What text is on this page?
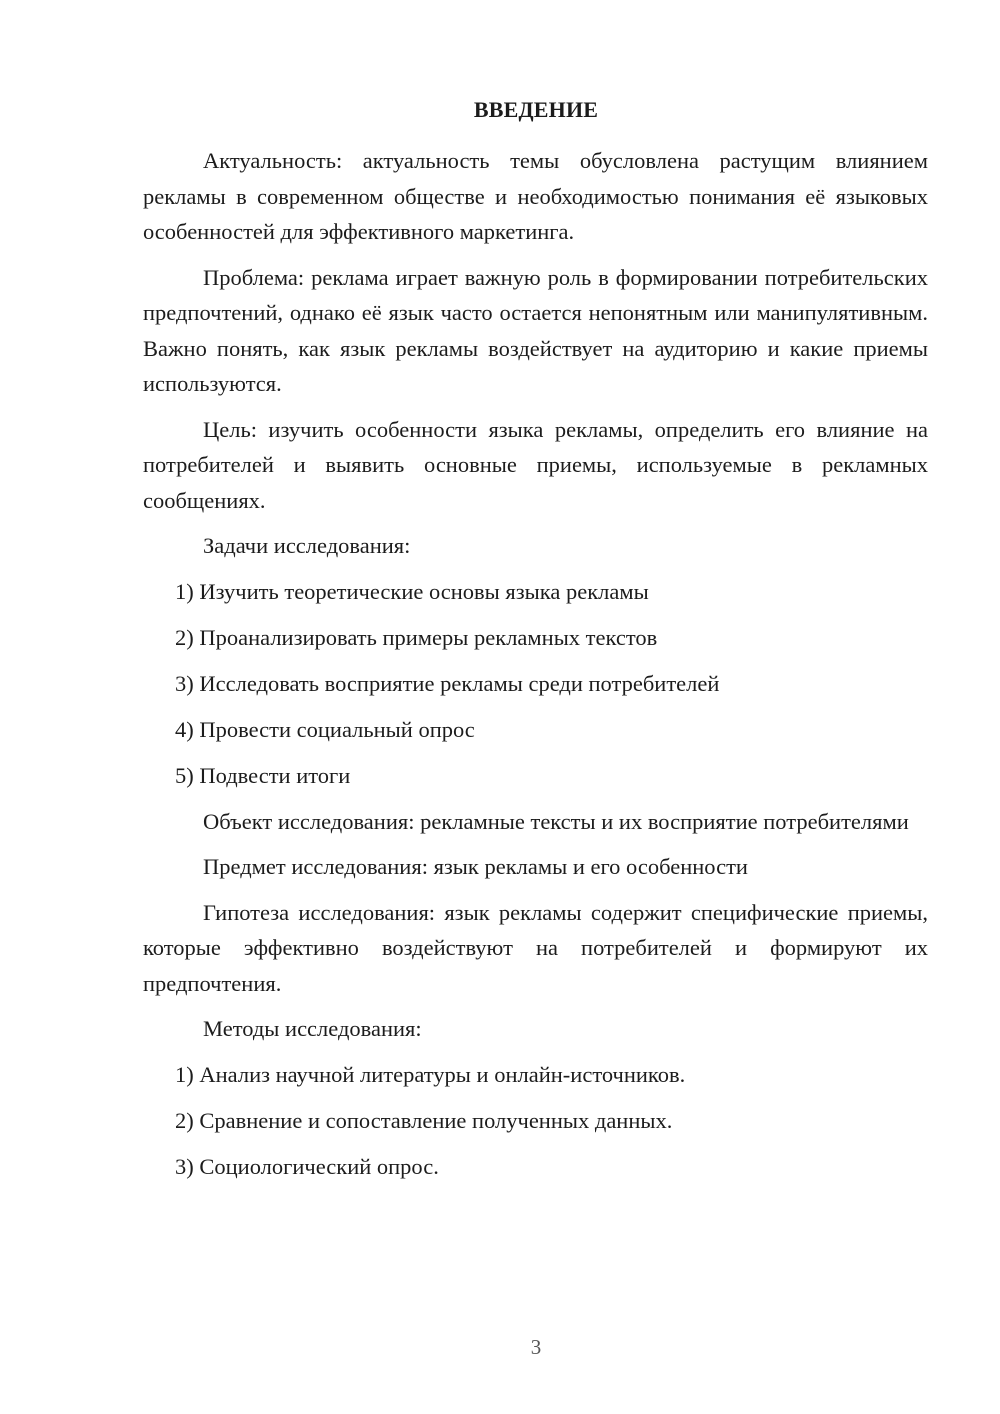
ВВЕДЕНИЕ

Актуальность: актуальность темы обусловлена растущим влиянием рекламы в современном обществе и необходимостью понимания её языковых особенностей для эффективного маркетинга.

Проблема: реклама играет важную роль в формировании потребительских предпочтений, однако её язык часто остается непонятным или манипулятивным. Важно понять, как язык рекламы воздействует на аудиторию и какие приемы используются.

Цель: изучить особенности языка рекламы, определить его влияние на потребителей и выявить основные приемы, используемые в рекламных сообщениях.

Задачи исследования:

1) Изучить теоретические основы языка рекламы
2) Проанализировать примеры рекламных текстов
3) Исследовать восприятие рекламы среди потребителей
4) Провести социальный опрос
5) Подвести итоги

Объект исследования: рекламные тексты и их восприятие потребителями

Предмет исследования: язык рекламы и его особенности

Гипотеза исследования: язык рекламы содержит специфические приемы, которые эффективно воздействуют на потребителей и формируют их предпочтения.

Методы исследования:

1) Анализ научной литературы и онлайн-источников.
2) Сравнение и сопоставление полученных данных.
3) Социологический опрос.
3
